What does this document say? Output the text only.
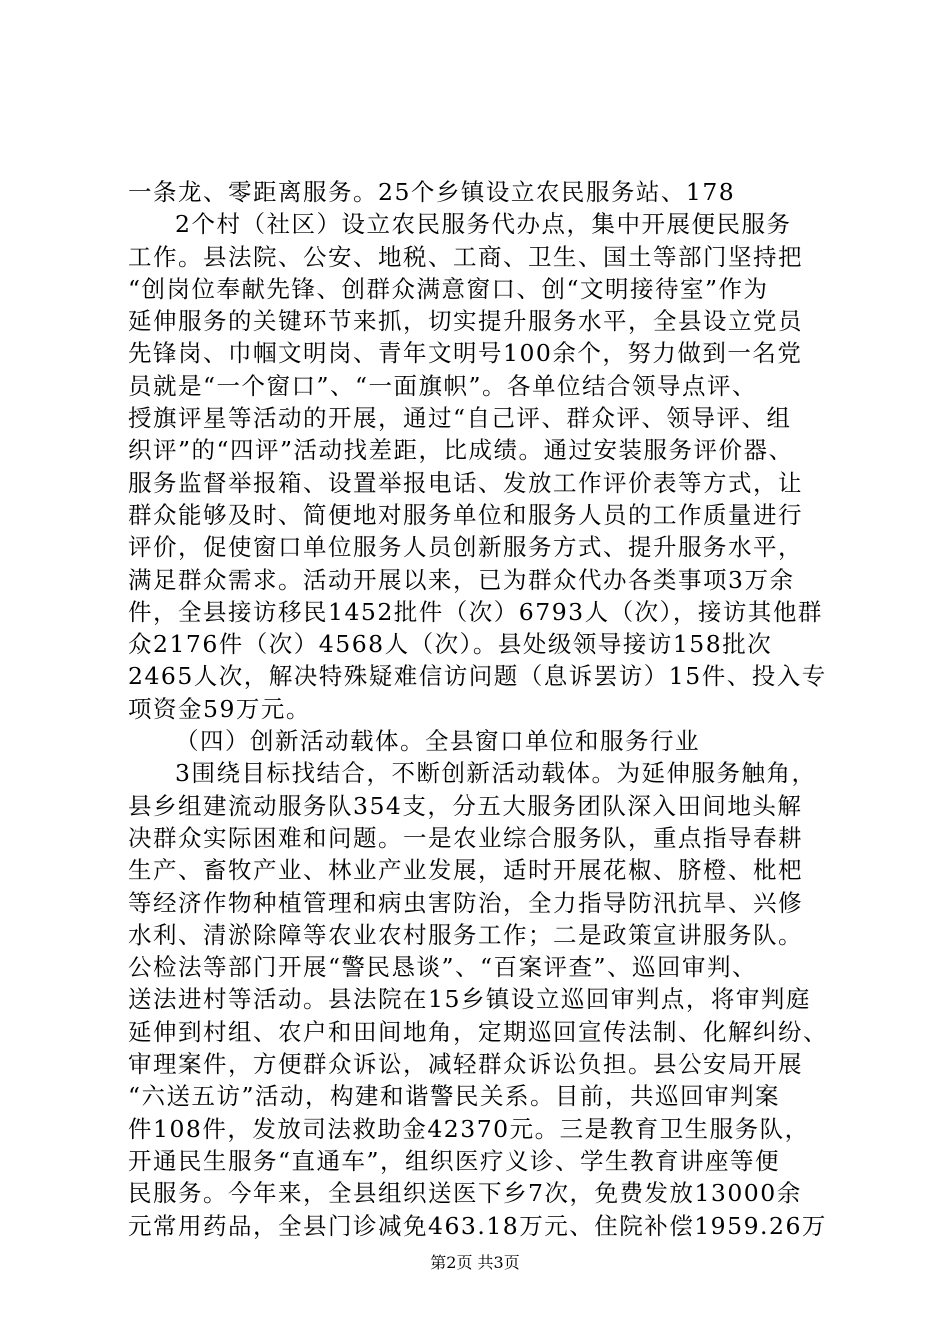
一条龙、零距离服务。25个乡镇设立农民服务站、178
2个村（社区）设立农民服务代办点，集中开展便民服务
工作。县法院、公安、地税、工商、卫生、国土等部门坚持把
“创岗位奉献先锋、创群众满意窗口、创“文明接待室”作为
延伸服务的关键环节来抓，切实提升服务水平，全县设立党员
先锋岗、巾帼文明岗、青年文明号100余个，努力做到一名党
员就是“一个窗口”、“一面旗帜”。各单位结合领导点评、
授旗评星等活动的开展，通过“自己评、群众评、领导评、组
织评”的“四评”活动找差距，比成绩。通过安装服务评价器、
服务监督举报箱、设置举报电话、发放工作评价表等方式，让
群众能够及时、简便地对服务单位和服务人员的工作质量进行
评价，促使窗口单位服务人员创新服务方式、提升服务水平，
满足群众需求。活动开展以来，已为群众代办各类事项3万余
件，全县接访移民1452批件（次）6793人（次），接访其他群
众2176件（次）4568人（次）。县处级领导接访158批次
2465人次，解决特殊疑难信访问题（息诉罢访）15件、投入专
项资金59万元。
（四）创新活动载体。全县窗口单位和服务行业
3围绕目标找结合，不断创新活动载体。为延伸服务触角，
县乡组建流动服务队354支，分五大服务团队深入田间地头解
决群众实际困难和问题。一是农业综合服务队，重点指导春耕
生产、畜牧产业、林业产业发展，适时开展花椒、脐橙、枇杷
等经济作物种植管理和病虫害防治，全力指导防汛抗旱、兴修
水利、清淤除障等农业农村服务工作；二是政策宣讲服务队。
公检法等部门开展“警民恳谈”、“百案评查”、巡回审判、
送法进村等活动。县法院在15乡镇设立巡回审判点，将审判庭
延伸到村组、农户和田间地角，定期巡回宣传法制、化解纠纷、
审理案件，方便群众诉讼，减轻群众诉讼负担。县公安局开展
“六送五访”活动，构建和谐警民关系。目前，共巡回审判案
件108件，发放司法救助金42370元。三是教育卫生服务队，
开通民生服务“直通车”，组织医疗义诊、学生教育讲座等便
民服务。今年来，全县组织送医下乡7次，免费发放13000余
元常用药品，全县门诊减免463.18万元、住院补偿1959.26万
第2页 共3页
